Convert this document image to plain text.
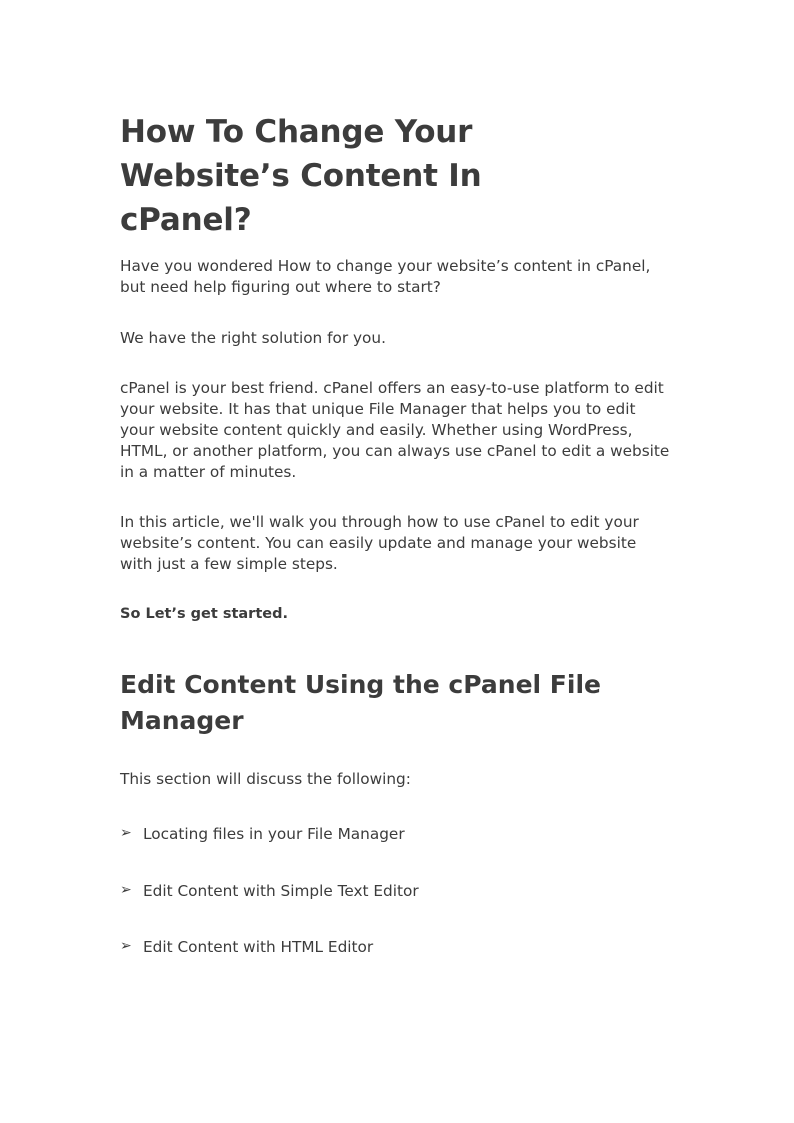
How To Change Your Website’s Content In cPanel?

Have you wondered How to change your website’s content in cPanel, but need help figuring out where to start?

We have the right solution for you.

cPanel is your best friend. cPanel offers an easy-to-use platform to edit your website. It has that unique File Manager that helps you to edit your website content quickly and easily. Whether using WordPress, HTML, or another platform, you can always use cPanel to edit a website in a matter of minutes.

In this article, we'll walk you through how to use cPanel to edit your website’s content. You can easily update and manage your website with just a few simple steps.

So Let’s get started.

Edit Content Using the cPanel File Manager

This section will discuss the following:

➢ Locating files in your File Manager
➢ Edit Content with Simple Text Editor
➢ Edit Content with HTML Editor
